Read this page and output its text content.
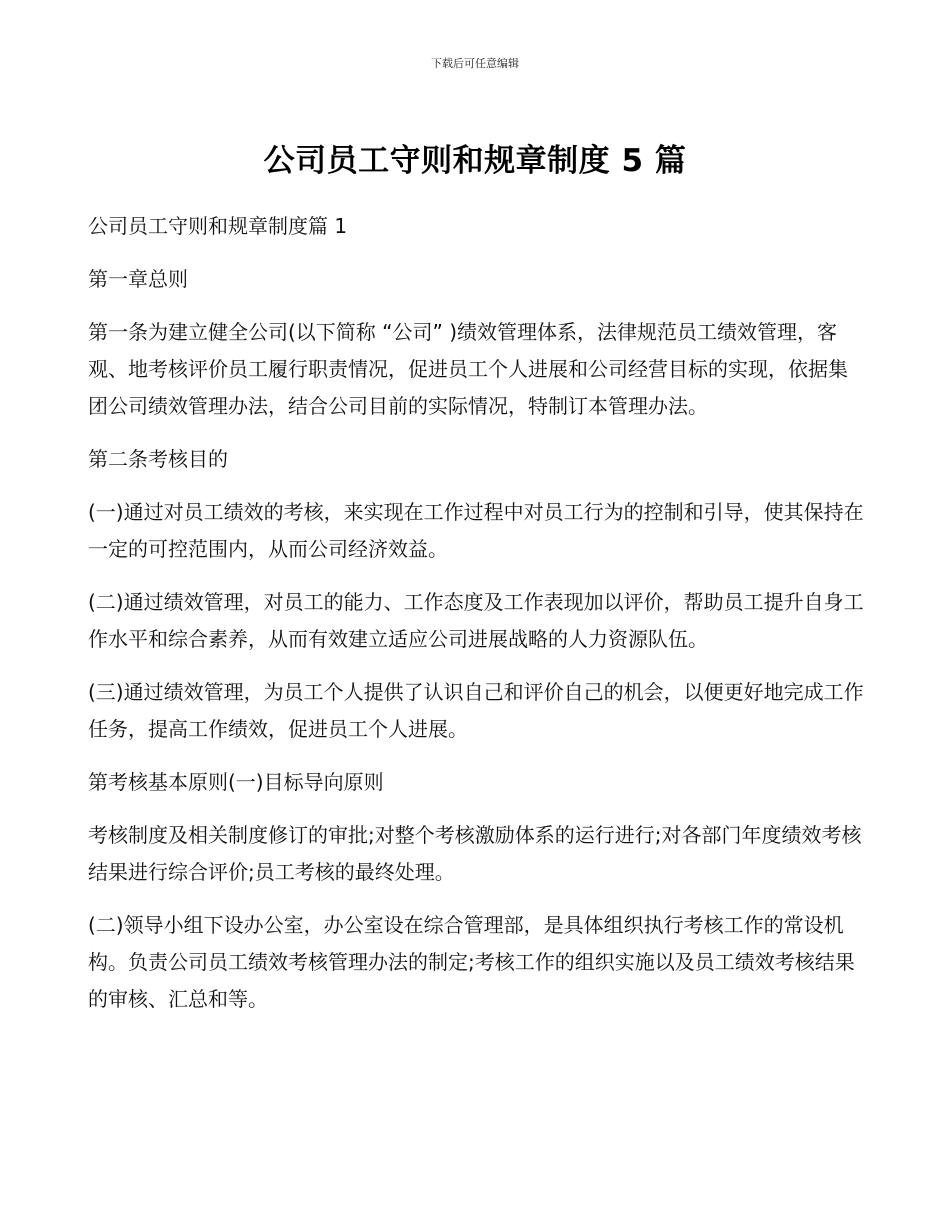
下载后可任意编辑
公司员工守则和规章制度 5 篇

公司员工守则和规章制度篇 1

第一章总则

第一条为建立健全公司(以下简称 “公司” )绩效管理体系，法律规范员工绩效管理，客观、地考核评价员工履行职责情况，促进员工个人进展和公司经营目标的实现，依据集团公司绩效管理办法，结合公司目前的实际情况，特制订本管理办法。

第二条考核目的

(一)通过对员工绩效的考核，来实现在工作过程中对员工行为的控制和引导，使其保持在一定的可控范围内，从而公司经济效益。

(二)通过绩效管理，对员工的能力、工作态度及工作表现加以评价，帮助员工提升自身工作水平和综合素养，从而有效建立适应公司进展战略的人力资源队伍。

(三)通过绩效管理，为员工个人提供了认识自己和评价自己的机会，以便更好地完成工作任务，提高工作绩效，促进员工个人进展。

第考核基本原则(一)目标导向原则

考核制度及相关制度修订的审批;对整个考核激励体系的运行进行;对各部门年度绩效考核结果进行综合评价;员工考核的最终处理。

(二)领导小组下设办公室，办公室设在综合管理部，是具体组织执行考核工作的常设机构。负责公司员工绩效考核管理办法的制定;考核工作的组织实施以及员工绩效考核结果的审核、汇总和等。
